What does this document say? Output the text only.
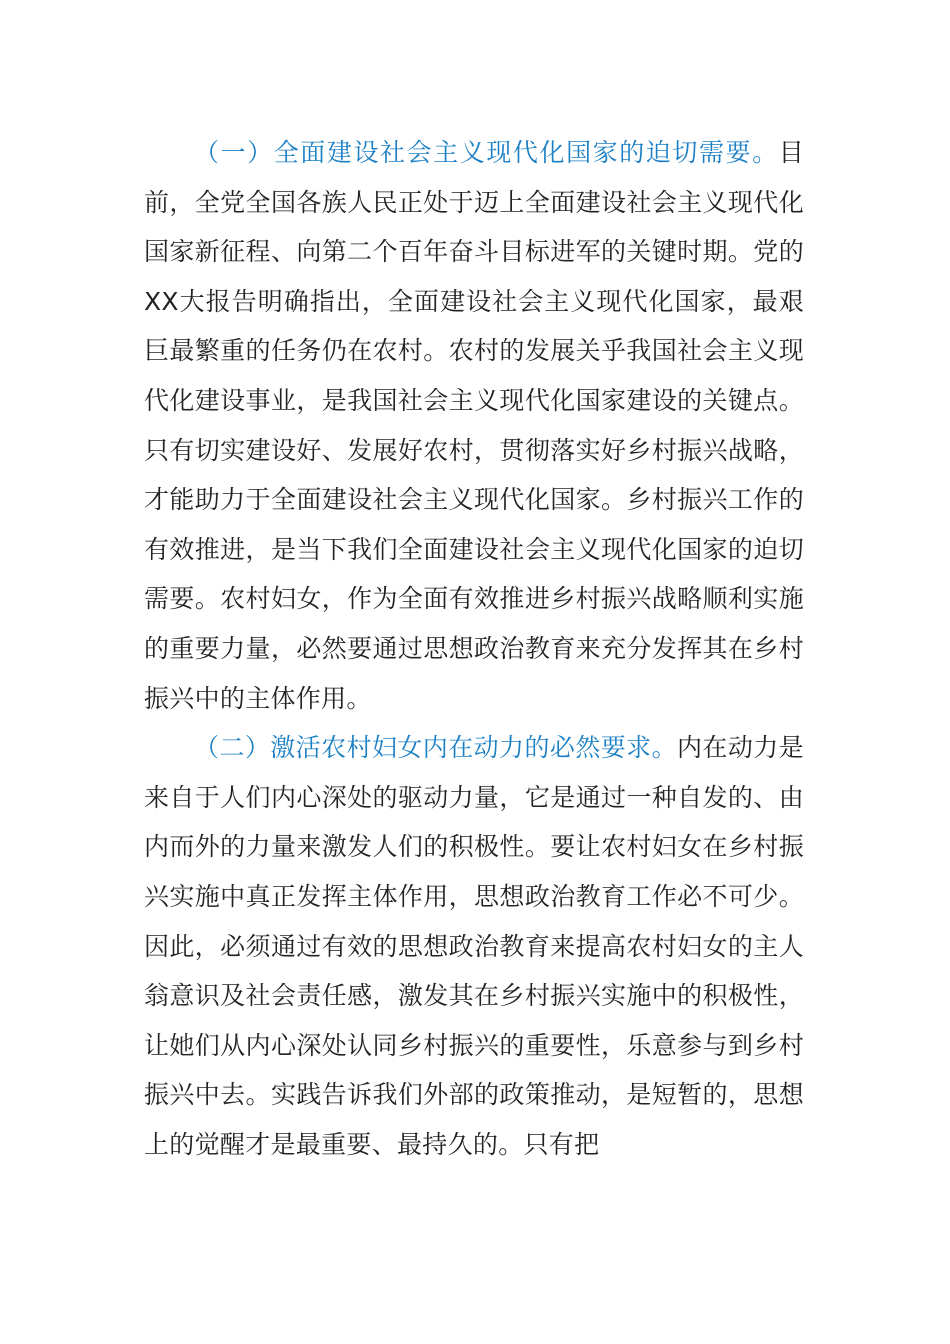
（一）全面建设社会主义现代化国家的迫切需要。目前，全党全国各族人民正处于迈上全面建设社会主义现代化国家新征程、向第二个百年奋斗目标进军的关键时期。党的XX大报告明确指出，全面建设社会主义现代化国家，最艰巨最繁重的任务仍在农村。农村的发展关乎我国社会主义现代化建设事业，是我国社会主义现代化国家建设的关键点。只有切实建设好、发展好农村，贯彻落实好乡村振兴战略，才能助力于全面建设社会主义现代化国家。乡村振兴工作的有效推进，是当下我们全面建设社会主义现代化国家的迫切需要。农村妇女，作为全面有效推进乡村振兴战略顺利实施的重要力量，必然要通过思想政治教育来充分发挥其在乡村振兴中的主体作用。

（二）激活农村妇女内在动力的必然要求。内在动力是来自于人们内心深处的驱动力量，它是通过一种自发的、由内而外的力量来激发人们的积极性。要让农村妇女在乡村振兴实施中真正发挥主体作用，思想政治教育工作必不可少。因此，必须通过有效的思想政治教育来提高农村妇女的主人翁意识及社会责任感，激发其在乡村振兴实施中的积极性，让她们从内心深处认同乡村振兴的重要性，乐意参与到乡村振兴中去。实践告诉我们外部的政策推动，是短暂的，思想上的觉醒才是最重要、最持久的。只有把
